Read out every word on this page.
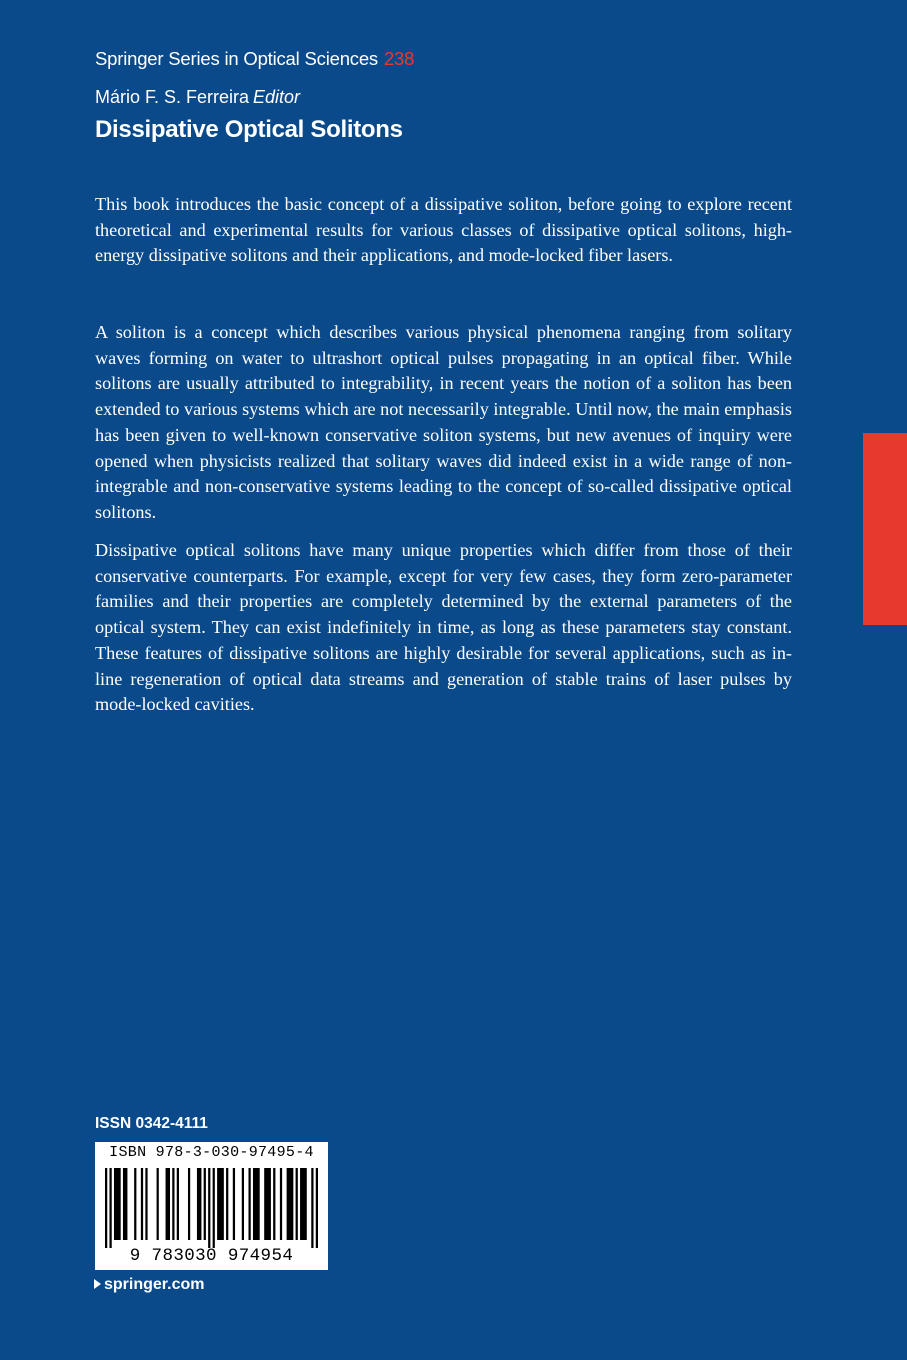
Springer Series in Optical Sciences 238
Mário F. S. Ferreira Editor
Dissipative Optical Solitons

This book introduces the basic concept of a dissipative soliton, before going to explore recent theoretical and experimental results for various classes of dissipative optical solitons, high-energy dissipative solitons and their applications, and mode-locked fiber lasers.

A soliton is a concept which describes various physical phenomena ranging from solitary waves forming on water to ultrashort optical pulses propagating in an optical fiber. While solitons are usually attributed to integrability, in recent years the notion of a soliton has been extended to various systems which are not necessarily integrable. Until now, the main emphasis has been given to well-known conservative soliton systems, but new avenues of inquiry were opened when physicists realized that solitary waves did indeed exist in a wide range of non-integrable and non-conservative systems leading to the concept of so-called dissipative optical solitons.

Dissipative optical solitons have many unique properties which differ from those of their conservative counterparts. For example, except for very few cases, they form zero-parameter families and their properties are completely determined by the external parameters of the optical system. They can exist indefinitely in time, as long as these parameters stay constant. These features of dissipative solitons are highly desirable for several applications, such as in-line regeneration of optical data streams and generation of stable trains of laser pulses by mode-locked cavities.

ISSN 0342-4111
ISBN 978-3-030-97495-4
9 783030 974954
springer.com
